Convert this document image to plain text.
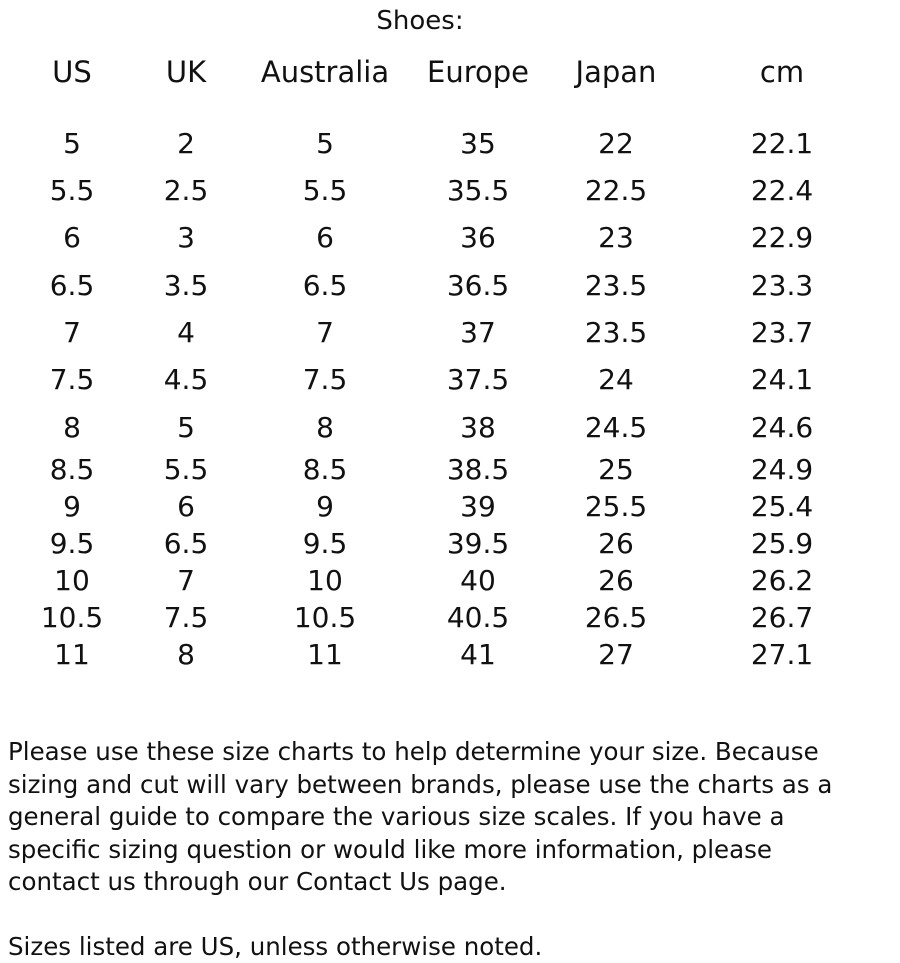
Shoes:
US	UK	Australia	Europe	Japan	cm
5	2	5	35	22	22.1
5.5	2.5	5.5	35.5	22.5	22.4
6	3	6	36	23	22.9
6.5	3.5	6.5	36.5	23.5	23.3
7	4	7	37	23.5	23.7
7.5	4.5	7.5	37.5	24	24.1
8	5	8	38	24.5	24.6
8.5	5.5	8.5	38.5	25	24.9
9	6	9	39	25.5	25.4
9.5	6.5	9.5	39.5	26	25.9
10	7	10	40	26	26.2
10.5	7.5	10.5	40.5	26.5	26.7
11	8	11	41	27	27.1

Please use these size charts to help determine your size. Because

sizing and cut will vary between brands, please use the charts as a

general guide to compare the various size scales. If you have a

specific sizing question or would like more information, please

contact us through our Contact Us page.

Sizes listed are US, unless otherwise noted.
